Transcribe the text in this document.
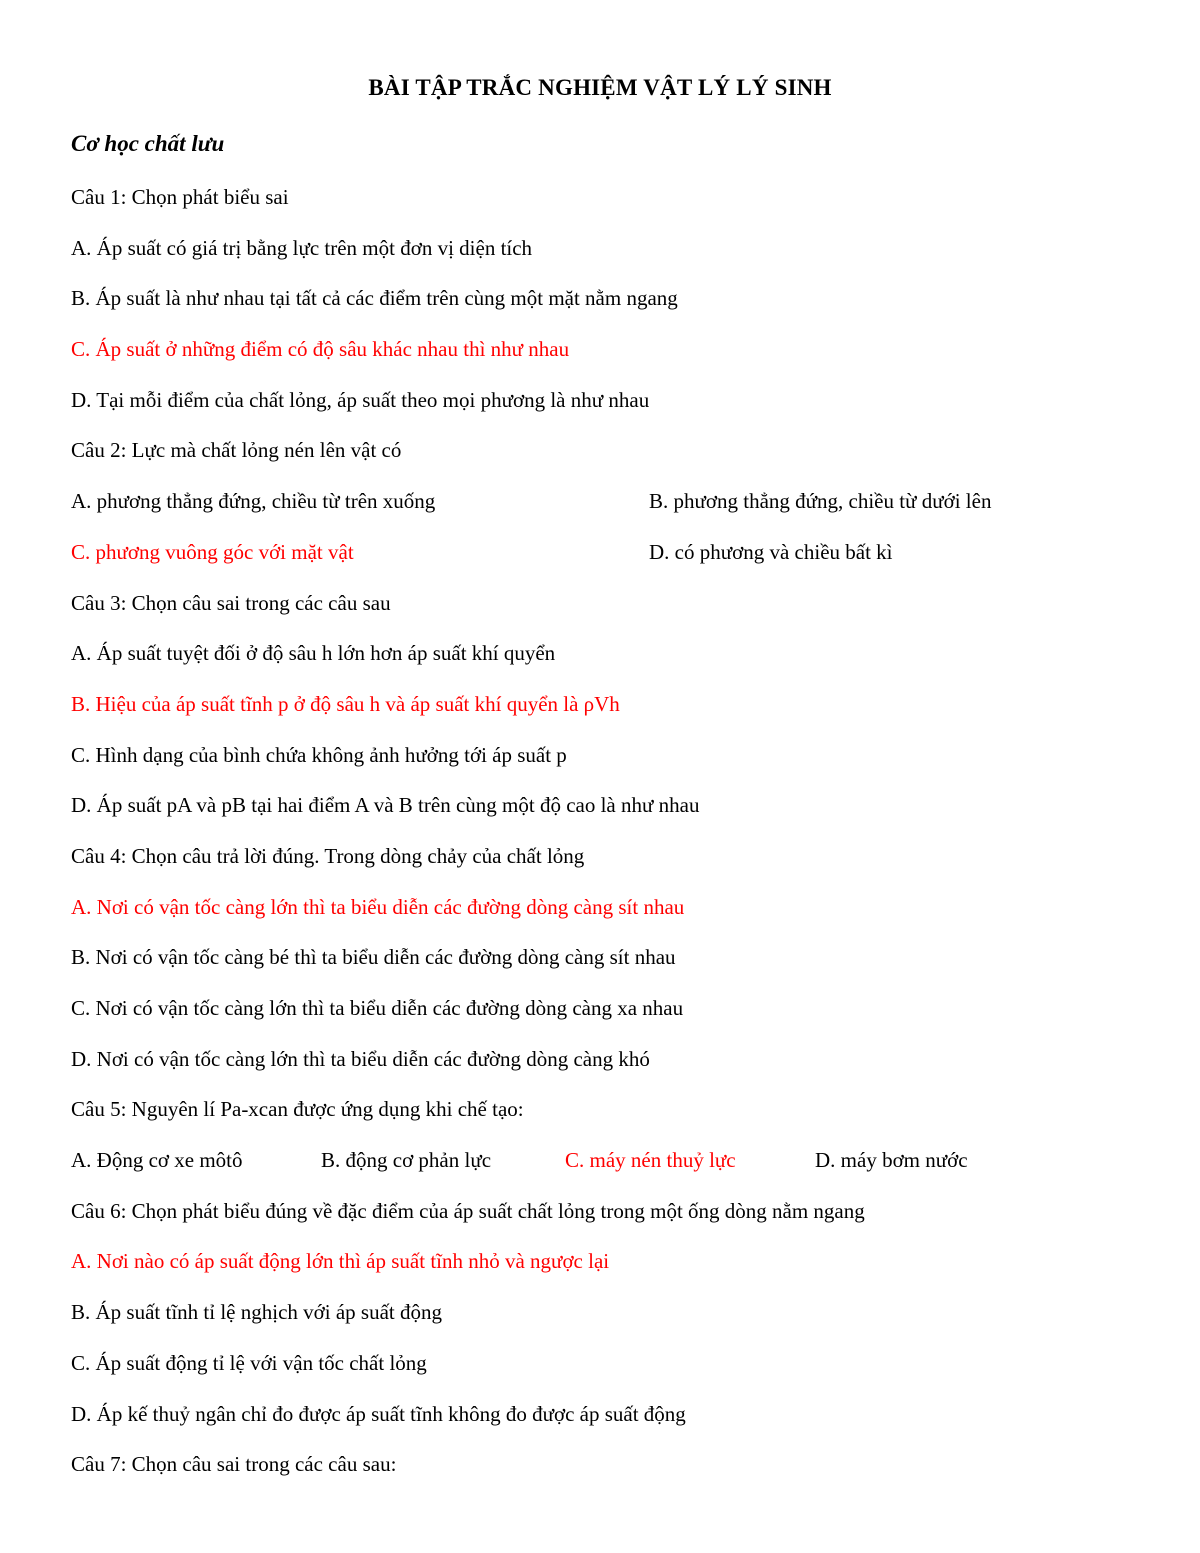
BÀI TẬP TRẮC NGHIỆM VẬT LÝ LÝ SINH
Cơ học chất lưu
Câu 1: Chọn phát biểu sai
A. Áp suất có giá trị bằng lực trên một đơn vị diện tích
B. Áp suất là như nhau tại tất cả các điểm trên cùng một mặt nằm ngang
C. Áp suất ở những điểm có độ sâu khác nhau thì như nhau
D. Tại mỗi điểm của chất lỏng, áp suất theo mọi phương là như nhau
Câu 2: Lực mà chất lỏng nén lên vật có
A. phương thẳng đứng, chiều từ trên xuống	B. phương thẳng đứng, chiều từ dưới lên
C. phương vuông góc với mặt vật	D. có phương và chiều bất kì
Câu 3: Chọn câu sai trong các câu sau
A. Áp suất tuyệt đối ở độ sâu h lớn hơn áp suất khí quyển
B. Hiệu của áp suất tĩnh p ở độ sâu h và áp suất khí quyển là ρVh
C. Hình dạng của bình chứa không ảnh hưởng tới áp suất p
D. Áp suất pA và pB tại hai điểm A và B trên cùng một độ cao là như nhau
Câu 4: Chọn câu trả lời đúng. Trong dòng chảy của chất lỏng
A. Nơi có vận tốc càng lớn thì ta biểu diễn các đường dòng càng sít nhau
B. Nơi có vận tốc càng bé thì ta biểu diễn các đường dòng càng sít nhau
C. Nơi có vận tốc càng lớn thì ta biểu diễn các đường dòng càng xa nhau
D. Nơi có vận tốc càng lớn thì ta biểu diễn các đường dòng càng khó
Câu 5: Nguyên lí Pa-xcan được ứng dụng khi chế tạo:
A. Động cơ xe môtô	B. động cơ phản lực	C. máy nén thuỷ lực	D. máy bơm nước
Câu 6: Chọn phát biểu đúng về đặc điểm của áp suất chất lỏng trong một ống dòng nằm ngang
A. Nơi nào có áp suất động lớn thì áp suất tĩnh nhỏ và ngược lại
B. Áp suất tĩnh tỉ lệ nghịch với áp suất động
C. Áp suất động tỉ lệ với vận tốc chất lỏng
D. Áp kế thuỷ ngân chỉ đo được áp suất tĩnh không đo được áp suất động
Câu 7: Chọn câu sai trong các câu sau:
